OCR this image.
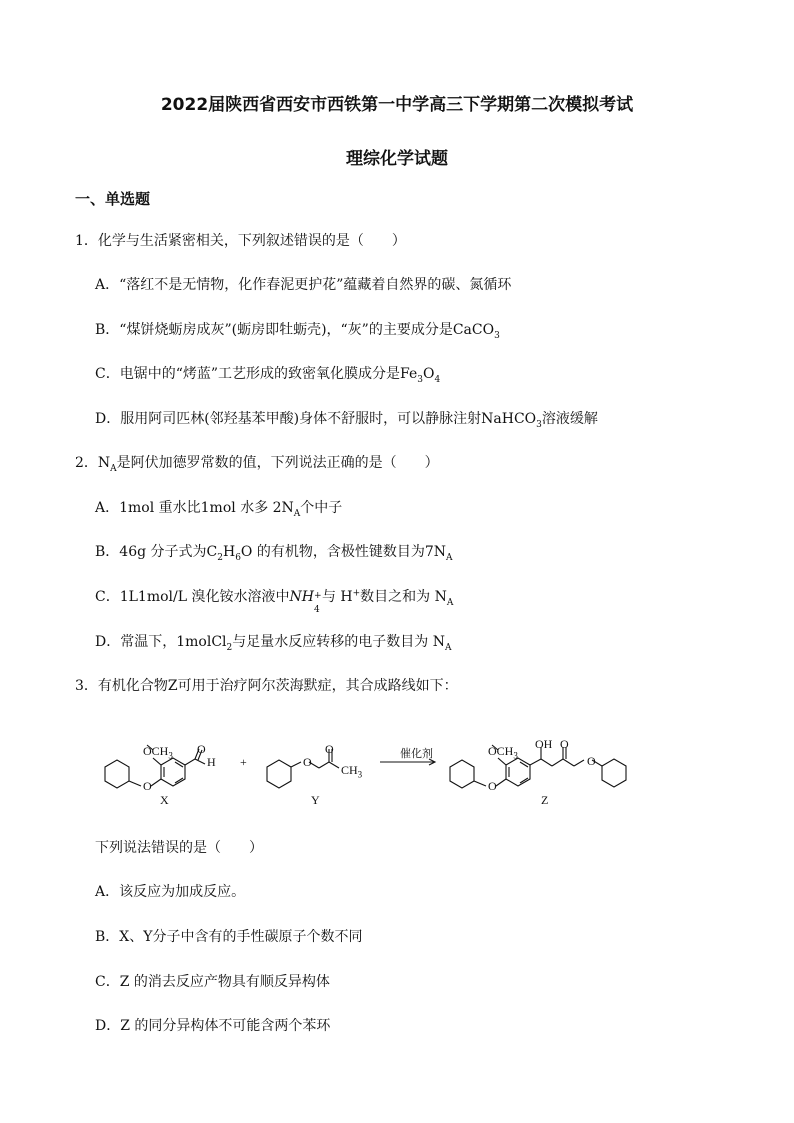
2022届陕西省西安市西铁第一中学高三下学期第二次模拟考试
理综化学试题
一、单选题
1．化学与生活紧密相关，下列叙述错误的是（　　）
A．“落红不是无情物，化作春泥更护花”蕴藏着自然界的碳、氮循环
B．“煤饼烧蛎房成灰”(蛎房即牡蛎壳)，“灰”的主要成分是CaCO$_3$
C．电锯中的“烤蓝”工艺形成的致密氧化膜成分是$Fe_3O_4$
D．服用阿司匹林(邻羟基苯甲酸)身体不舒服时，可以静脉注射NaHCO$_3$溶液缓解
2．$N_A$是阿伏加德罗常数的值，下列说法正确的是（　　）
A．1mol 重水比1mol 水多 $2N_A$个中子
B．46g 分子式为$C_2H_6O$ 的有机物，含极性键数目为$7N_A$
C．1L1mol/L 溴化铵水溶液中NH +
4
与 H+数目之和为 $N_A$
D．常温下，1molCl$_2$与足量水反应转移的电子数目为 $N_A$
3．有机化合物Z可用于治疗阿尔茨海默症，其合成路线如下：
$OCH_3$
O
O
H
X
+	O
O
$CH_3$
Y
催化剂	$OCH_3$
O
OH O
O
Z
下列说法错误的是（　　）
A．该反应为加成反应。
B．X、Y分子中含有的手性碳原子个数不同
C．Z 的消去反应产物具有顺反异构体
D．Z 的同分异构体不可能含两个苯环
